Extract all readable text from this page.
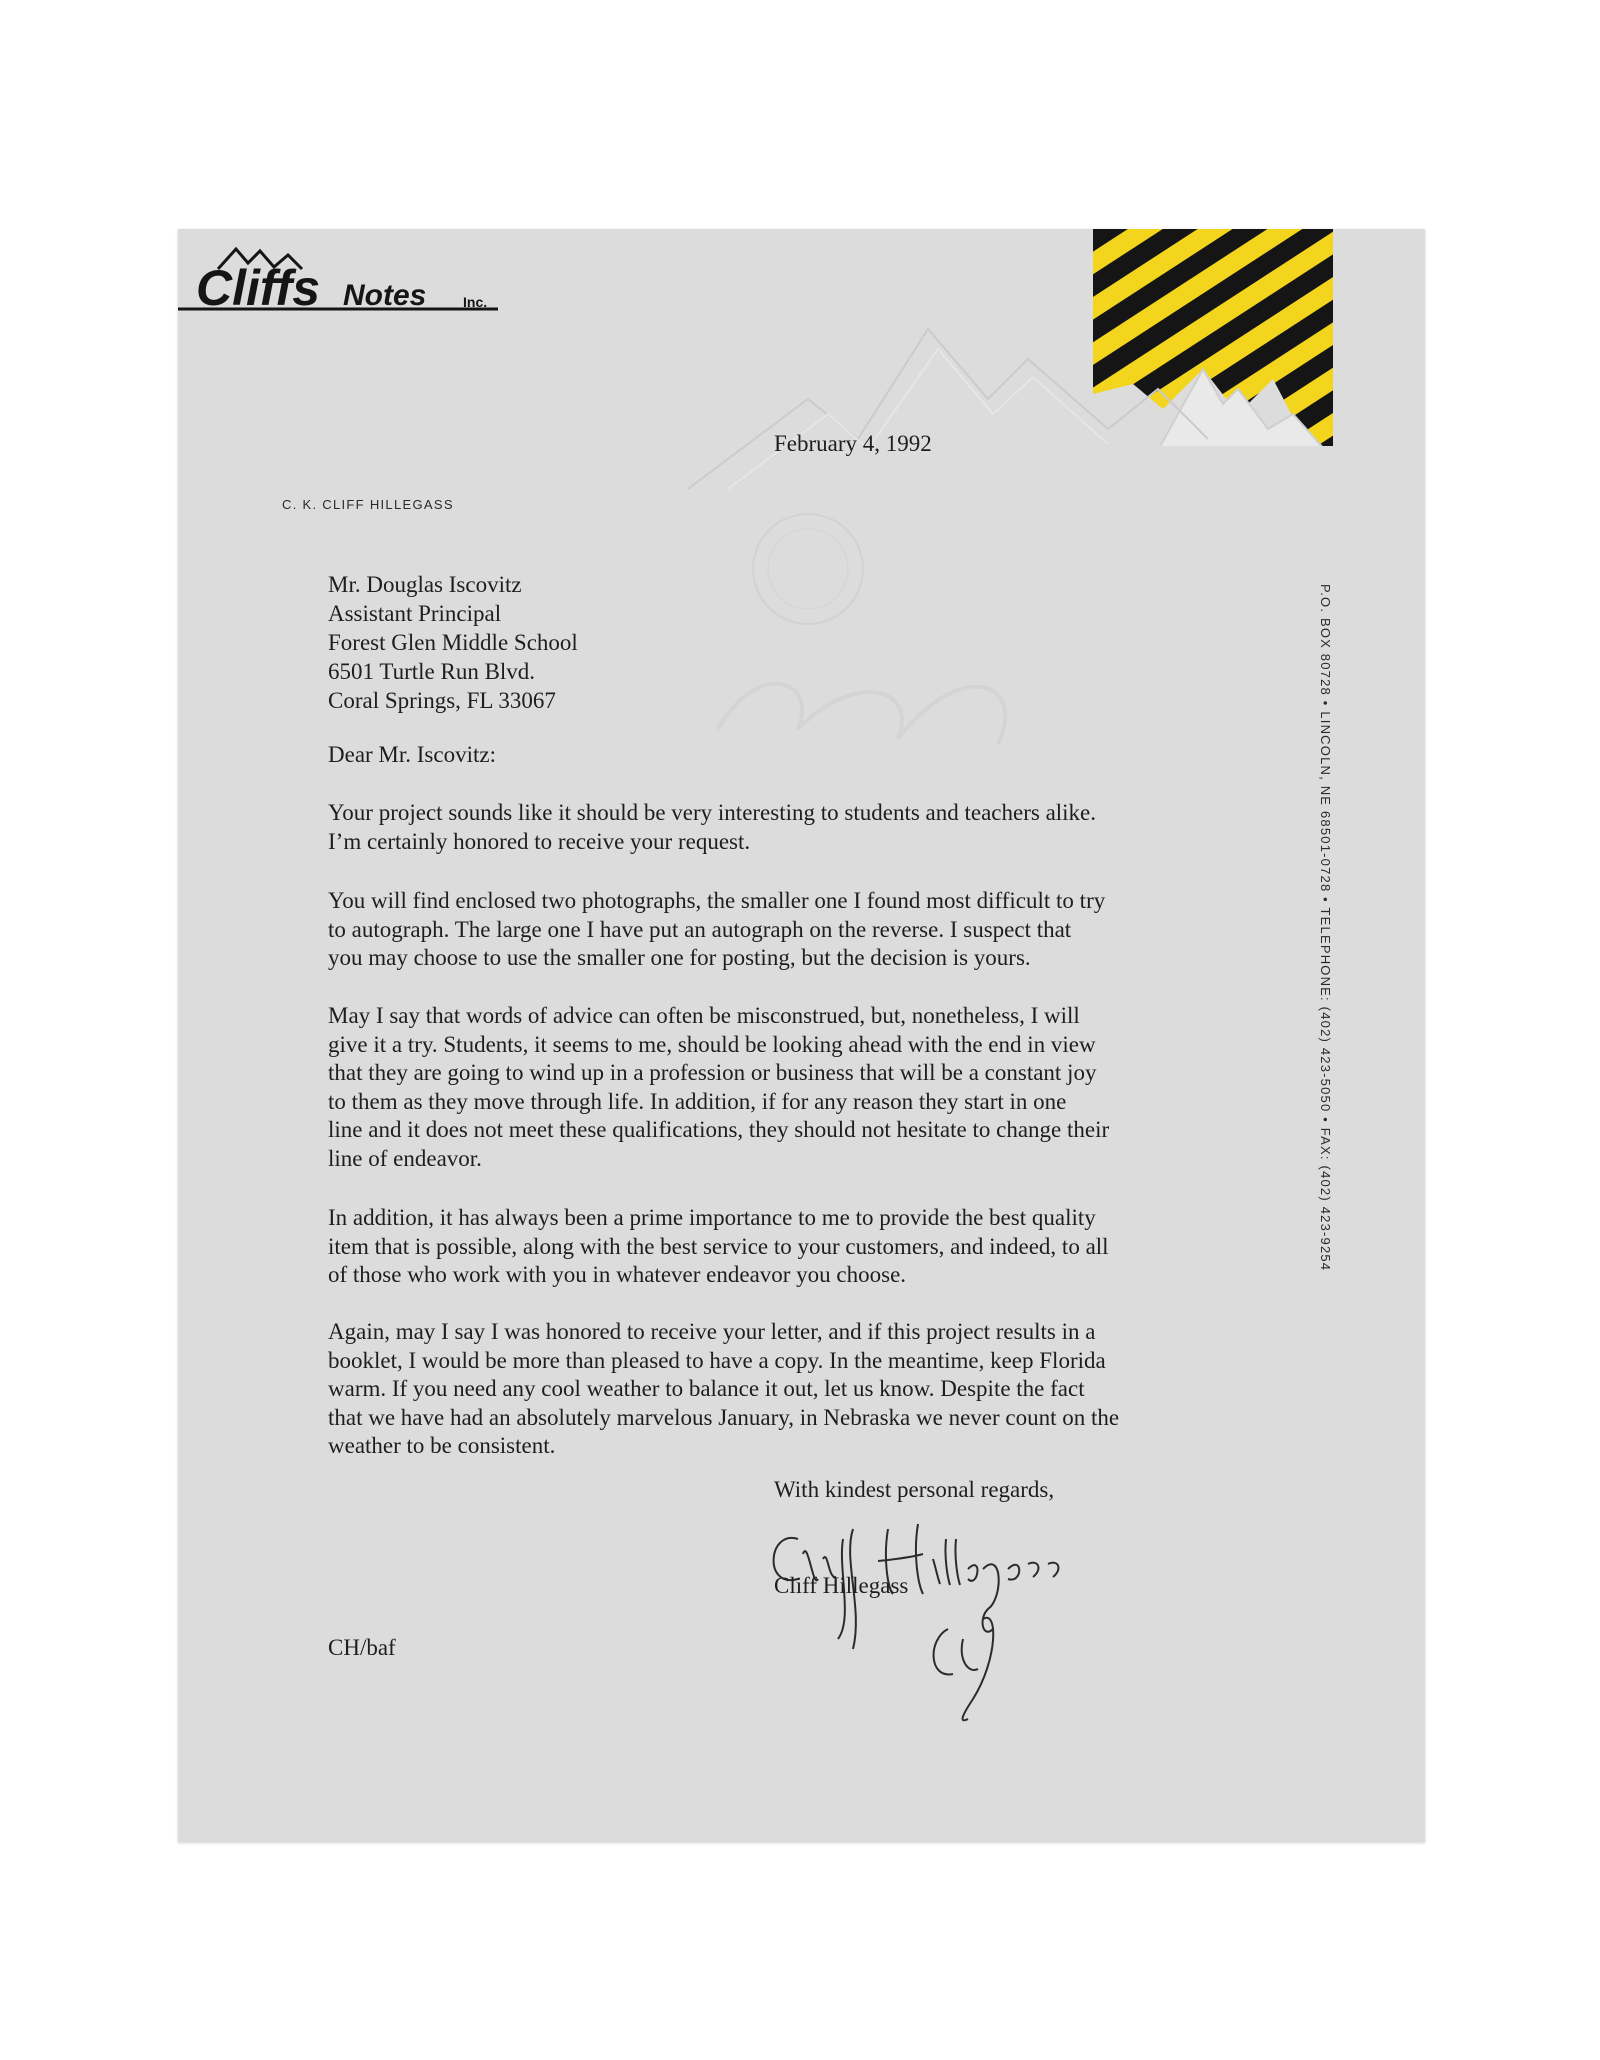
February 4, 1992
C. K. CLIFF HILLEGASS
Cliffs Notes	Inc.
P.O. BOX 80728 • LINCOLN, NE 68501-0728 • TELEPHONE: (402) 423-5050 • FAX: (402) 423-9254
Mr. Douglas Iscovitz
Assistant Principal
Forest Glen Middle School
6501 Turtle Run Blvd.
Coral Springs, FL 33067
Dear Mr. Iscovitz:
Your project sounds like it should be very interesting to students and teachers alike.
I’m certainly honored to receive your request.
You will find enclosed two photographs, the smaller one I found most difficult to try
to autograph. The large one I have put an autograph on the reverse. I suspect that
you may choose to use the smaller one for posting, but the decision is yours.
May I say that words of advice can often be misconstrued, but, nonetheless, I will
give it a try. Students, it seems to me, should be looking ahead with the end in view
that they are going to wind up in a profession or business that will be a constant joy
to them as they move through life. In addition, if for any reason they start in one
line and it does not meet these qualifications, they should not hesitate to change their
line of endeavor.
In addition, it has always been a prime importance to me to provide the best quality
item that is possible, along with the best service to your customers, and indeed, to all
of those who work with you in whatever endeavor you choose.
Again, may I say I was honored to receive your letter, and if this project results in a
booklet, I would be more than pleased to have a copy. In the meantime, keep Florida
warm. If you need any cool weather to balance it out, let us know. Despite the fact
that we have had an absolutely marvelous January, in Nebraska we never count on the
weather to be consistent.
With kindest personal regards,
Cliff Hillegass
CH/baf
